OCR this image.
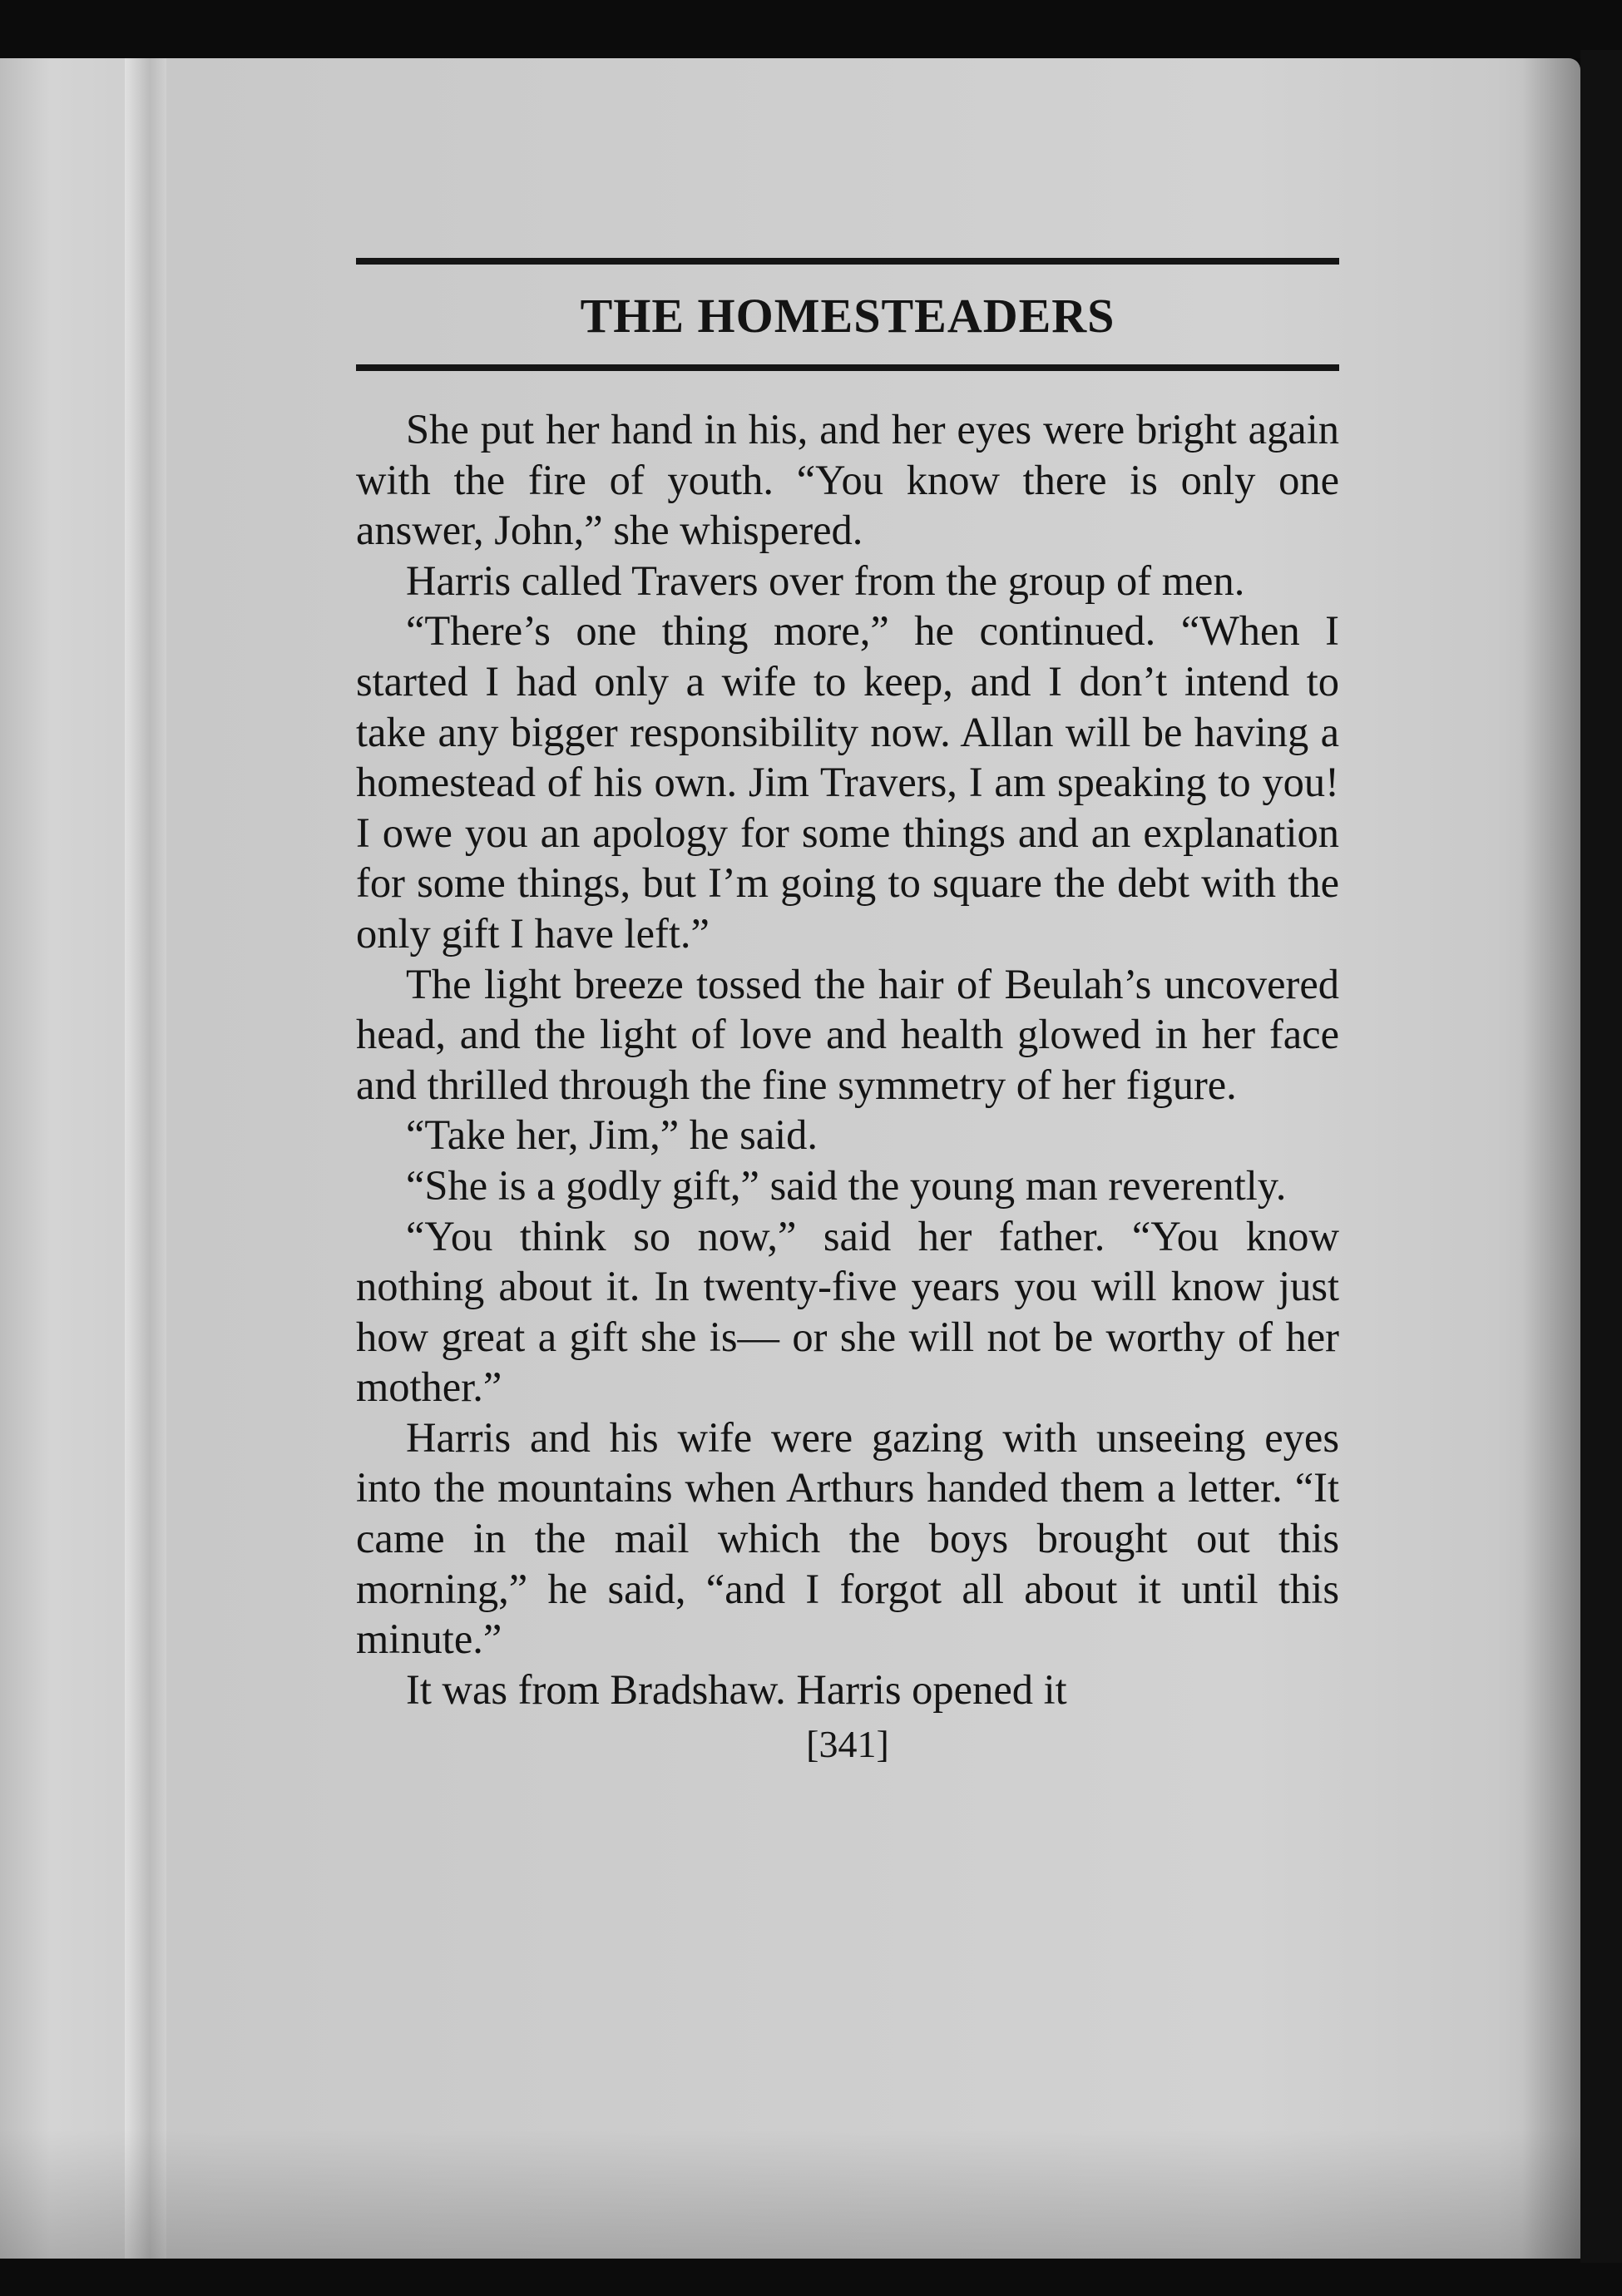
THE HOMESTEADERS

She put her hand in his, and her eyes were bright again with the fire of youth. “You know there is only one answer, John,” she whispered.

Harris called Travers over from the group of men.

“There’s one thing more,” he continued. “When I started I had only a wife to keep, and I don’t intend to take any bigger responsibility now. Allan will be having a homestead of his own. Jim Travers, I am speaking to you! I owe you an apology for some things and an explanation for some things, but I’m going to square the debt with the only gift I have left.”

The light breeze tossed the hair of Beulah’s uncovered head, and the light of love and health glowed in her face and thrilled through the fine symmetry of her figure.

“Take her, Jim,” he said.

“She is a godly gift,” said the young man reverently.

“You think so now,” said her father. “You know nothing about it. In twenty-five years you will know just how great a gift she is— or she will not be worthy of her mother.”

Harris and his wife were gazing with unseeing eyes into the mountains when Arthurs handed them a letter. “It came in the mail which the boys brought out this morning,” he said, “and I forgot all about it until this minute.”

It was from Bradshaw. Harris opened it

[341]
